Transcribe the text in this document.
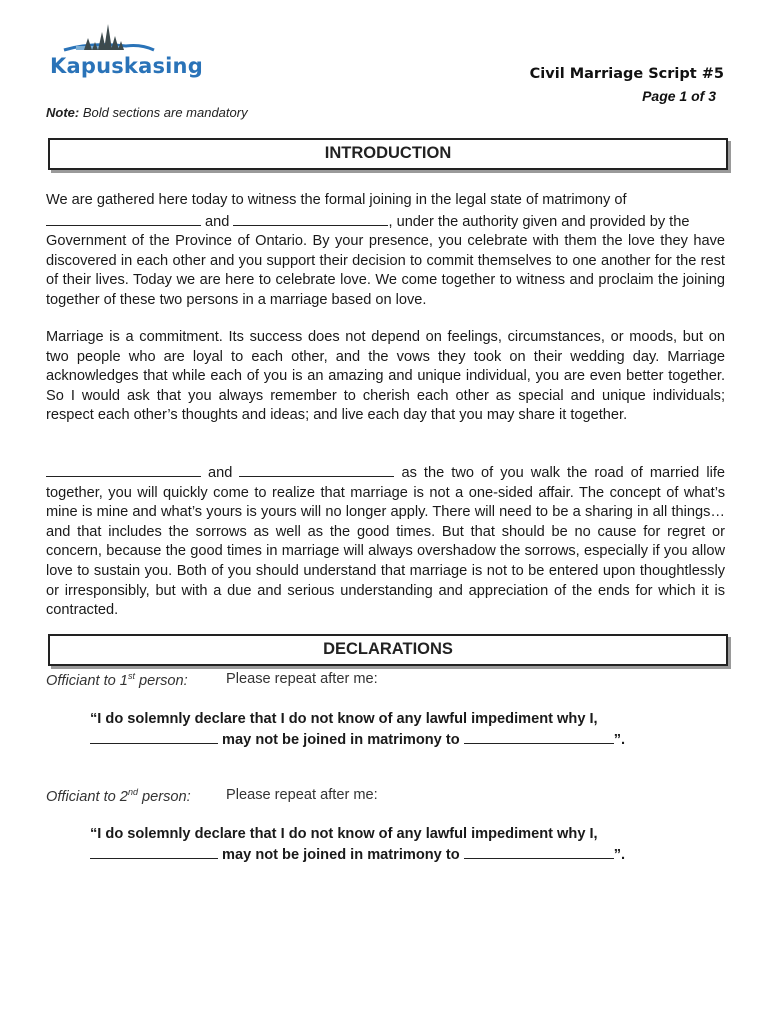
Kapuskasing	Civil Marriage Script #5
Page 1 of 3
Note: Bold sections are mandatory
INTRODUCTION
We are gathered here today to witness the formal joining in the legal state of matrimony of
and	, under the authority given and provided by the
Government of the Province of Ontario. By your presence, you celebrate with them the love they have discovered in each other and you support their decision to commit themselves to one another for the rest of their lives. Today we are here to celebrate love. We come together to witness and proclaim the joining together of these two persons in a marriage based on love.
Marriage is a commitment. Its success does not depend on feelings, circumstances, or moods, but on two people who are loyal to each other, and the vows they took on their wedding day. Marriage acknowledges that while each of you is an amazing and unique individual, you are even better together. So I would ask that you always remember to cherish each other as special and unique individuals; respect each other’s thoughts and ideas; and live each day that you may share it together.
and	as the two of you walk the road of married life together, you will quickly come to realize that marriage is not a one-sided affair. The concept of what’s mine is mine and what’s yours is yours will no longer apply. There will need to be a sharing in all things…and that includes the sorrows as well as the good times. But that should be no cause for regret or concern, because the good times in marriage will always overshadow the sorrows, especially if you allow love to sustain you. Both of you should understand that marriage is not to be entered upon thoughtlessly or irresponsibly, but with a due and serious understanding and appreciation of the ends for which it is contracted.
DECLARATIONS
Officiant to 1st person:	Please repeat after me:
“I do solemnly declare that I do not know of any lawful impediment why I,
may not be joined in matrimony to	”.
Officiant to 2nd person: Please repeat after me:
“I do solemnly declare that I do not know of any lawful impediment why I,
may not be joined in matrimony to	”.
